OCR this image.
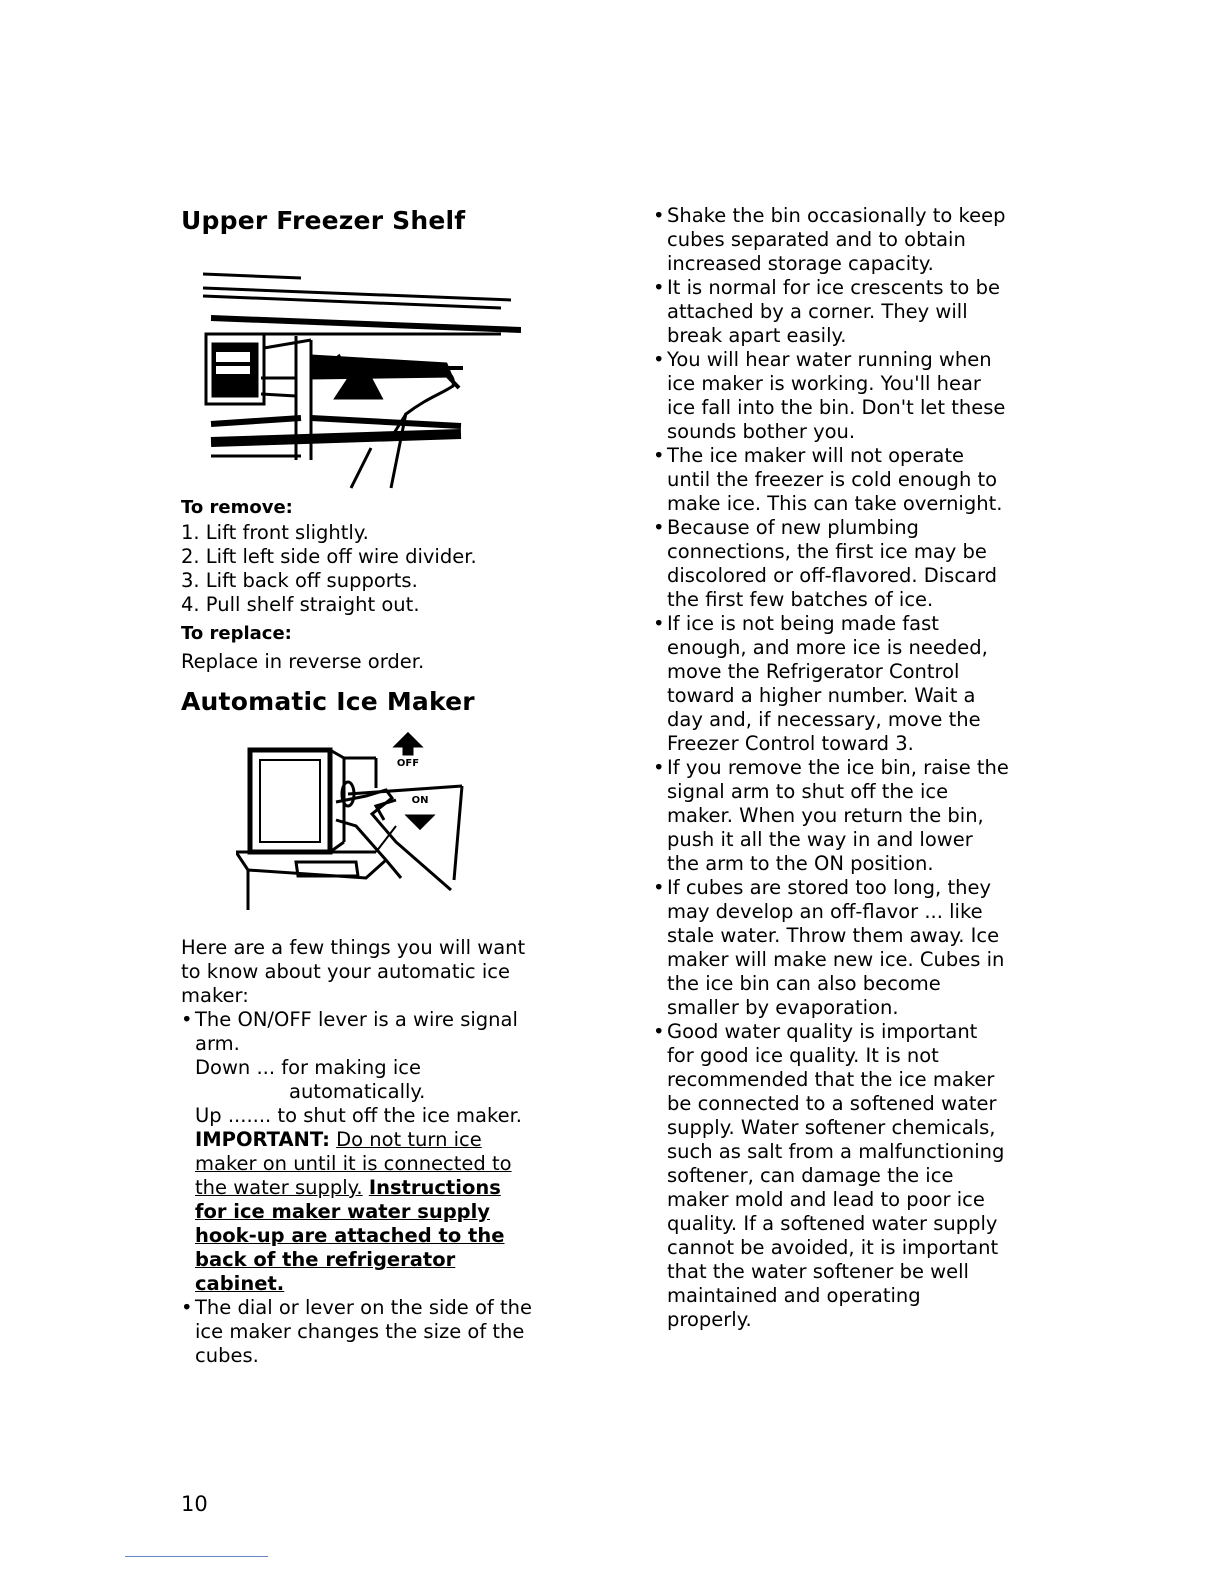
Upper Freezer Shelf
To remove:
1. Lift front slightly.
2. Lift left side off wire divider.
3. Lift back off supports.
4. Pull shelf straight out.
To replace:
Replace in reverse order.
Automatic Ice Maker
OFF
ON
Here are a few things you will want
to know about your automatic ice
maker:
• The ON/OFF lever is a wire signal
arm.
Down ... for making ice
automatically.
Up ....... to shut off the ice maker.
IMPORTANT: Do not turn ice
maker on until it is connected to
the water supply. Instructions
for ice maker water supply
hook-up are attached to the
back of the refrigerator
cabinet.
• The dial or lever on the side of the
ice maker changes the size of the
cubes.
• Shake the bin occasionally to keep
cubes separated and to obtain
increased storage capacity.
• It is normal for ice crescents to be
attached by a corner. They will
break apart easily.
• You will hear water running when
ice maker is working. You'll hear
ice fall into the bin. Don't let these
sounds bother you.
• The ice maker will not operate
until the freezer is cold enough to
make ice. This can take overnight.
• Because of new plumbing
connections, the first ice may be
discolored or off-flavored. Discard
the first few batches of ice.
• If ice is not being made fast
enough, and more ice is needed,
move the Refrigerator Control
toward a higher number. Wait a
day and, if necessary, move the
Freezer Control toward 3.
• If you remove the ice bin, raise the
signal arm to shut off the ice
maker. When you return the bin,
push it all the way in and lower
the arm to the ON position.
• If cubes are stored too long, they
may develop an off-flavor ... like
stale water. Throw them away. Ice
maker will make new ice. Cubes in
the ice bin can also become
smaller by evaporation.
• Good water quality is important
for good ice quality. It is not
recommended that the ice maker
be connected to a softened water
supply. Water softener chemicals,
such as salt from a malfunctioning
softener, can damage the ice
maker mold and lead to poor ice
quality. If a softened water supply
cannot be avoided, it is important
that the water softener be well
maintained and operating
properly.
10
